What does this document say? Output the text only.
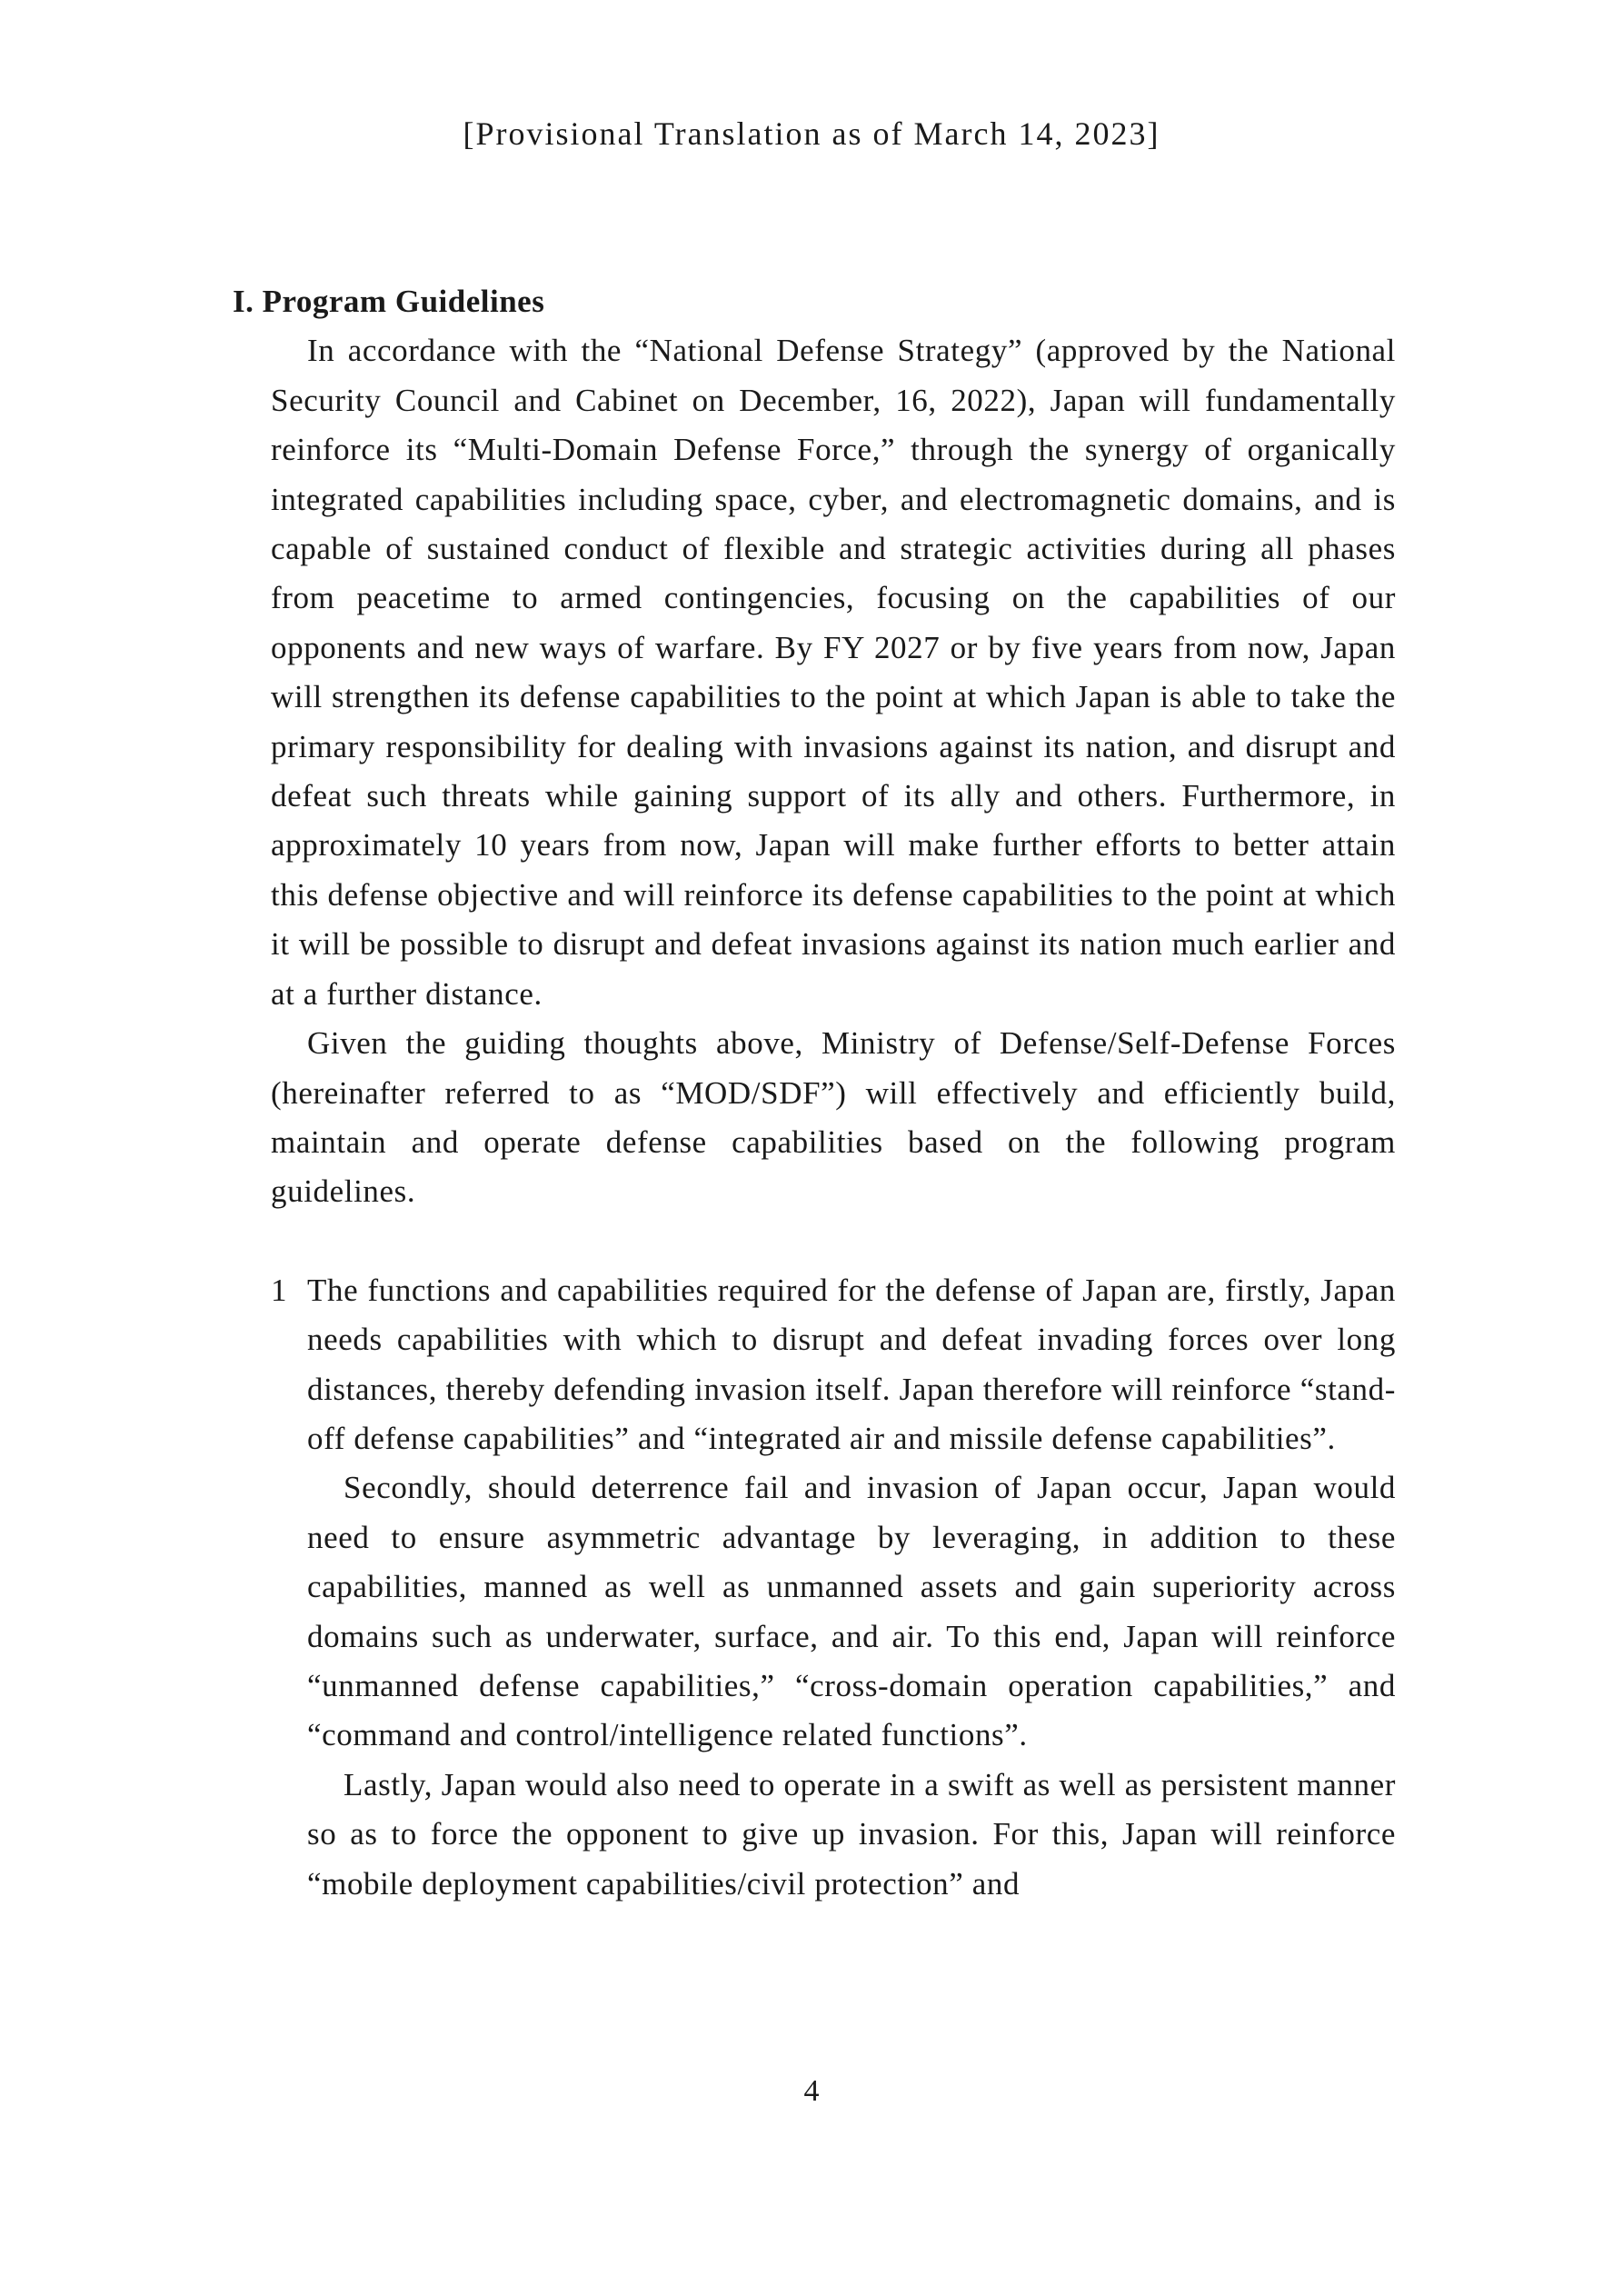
[Provisional Translation as of March 14, 2023]

I. Program Guidelines

In accordance with the “National Defense Strategy” (approved by the National Security Council and Cabinet on December, 16, 2022), Japan will fundamentally reinforce its “Multi-Domain Defense Force,” through the synergy of organically integrated capabilities including space, cyber, and electromagnetic domains, and is capable of sustained conduct of flexible and strategic activities during all phases from peacetime to armed contingencies, focusing on the capabilities of our opponents and new ways of warfare. By FY 2027 or by five years from now, Japan will strengthen its defense capabilities to the point at which Japan is able to take the primary responsibility for dealing with invasions against its nation, and disrupt and defeat such threats while gaining support of its ally and others. Furthermore, in approximately 10 years from now, Japan will make further efforts to better attain this defense objective and will reinforce its defense capabilities to the point at which it will be possible to disrupt and defeat invasions against its nation much earlier and at a further distance.

Given the guiding thoughts above, Ministry of Defense/Self-Defense Forces (hereinafter referred to as “MOD/SDF”) will effectively and efficiently build, maintain and operate defense capabilities based on the following program guidelines.

1 The functions and capabilities required for the defense of Japan are, firstly, Japan needs capabilities with which to disrupt and defeat invading forces over long distances, thereby defending invasion itself. Japan therefore will reinforce “stand-off defense capabilities” and “integrated air and missile defense capabilities”.

Secondly, should deterrence fail and invasion of Japan occur, Japan would need to ensure asymmetric advantage by leveraging, in addition to these capabilities, manned as well as unmanned assets and gain superiority across domains such as underwater, surface, and air. To this end, Japan will reinforce “unmanned defense capabilities,” “cross-domain operation capabilities,” and “command and control/intelligence related functions”.

Lastly, Japan would also need to operate in a swift as well as persistent manner so as to force the opponent to give up invasion. For this, Japan will reinforce “mobile deployment capabilities/civil protection” and

4
